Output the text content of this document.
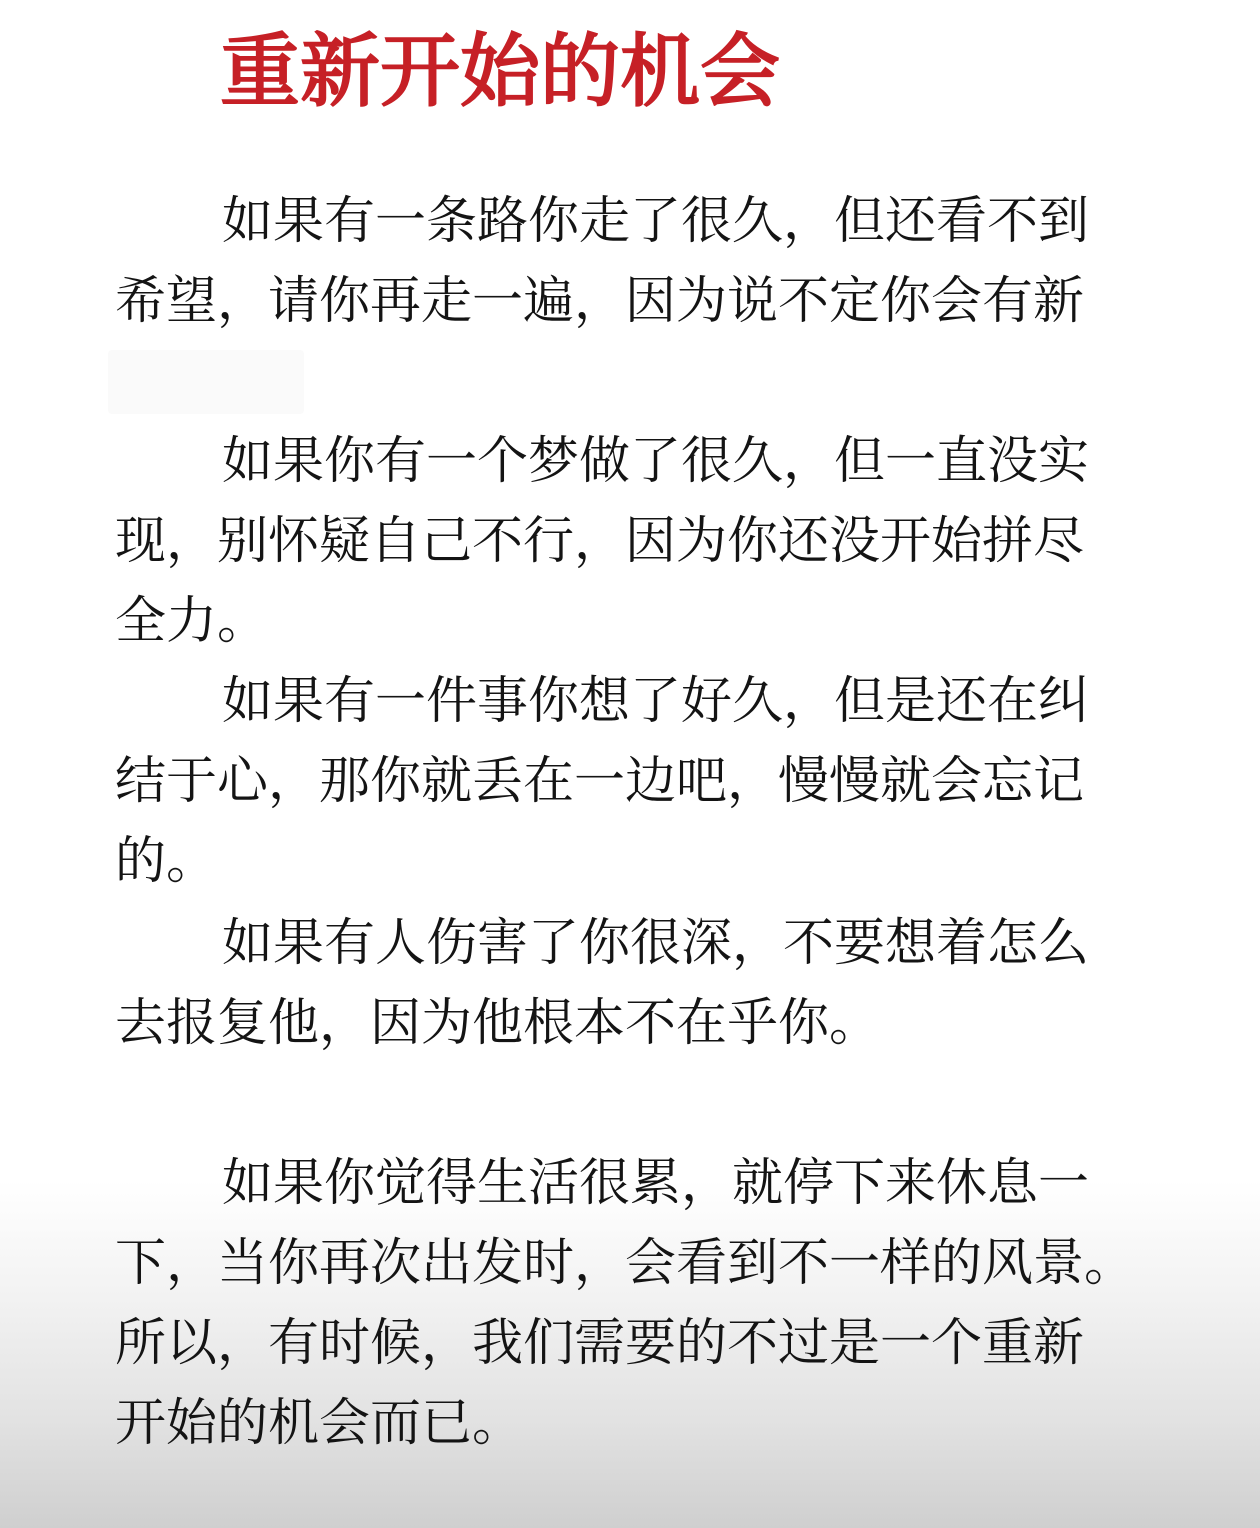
重新开始的机会
如果有一条路你走了很久，但还看不到
希望，请你再走一遍，因为说不定你会有新
如果你有一个梦做了很久，但一直没实
现，别怀疑自己不行，因为你还没开始拼尽
全力。
如果有一件事你想了好久，但是还在纠
结于心，那你就丢在一边吧，慢慢就会忘记
的。
如果有人伤害了你很深，不要想着怎么
去报复他，因为他根本不在乎你。
如果你觉得生活很累，就停下来休息一
下，当你再次出发时，会看到不一样的风景。
所以，有时候，我们需要的不过是一个重新
开始的机会而已。
